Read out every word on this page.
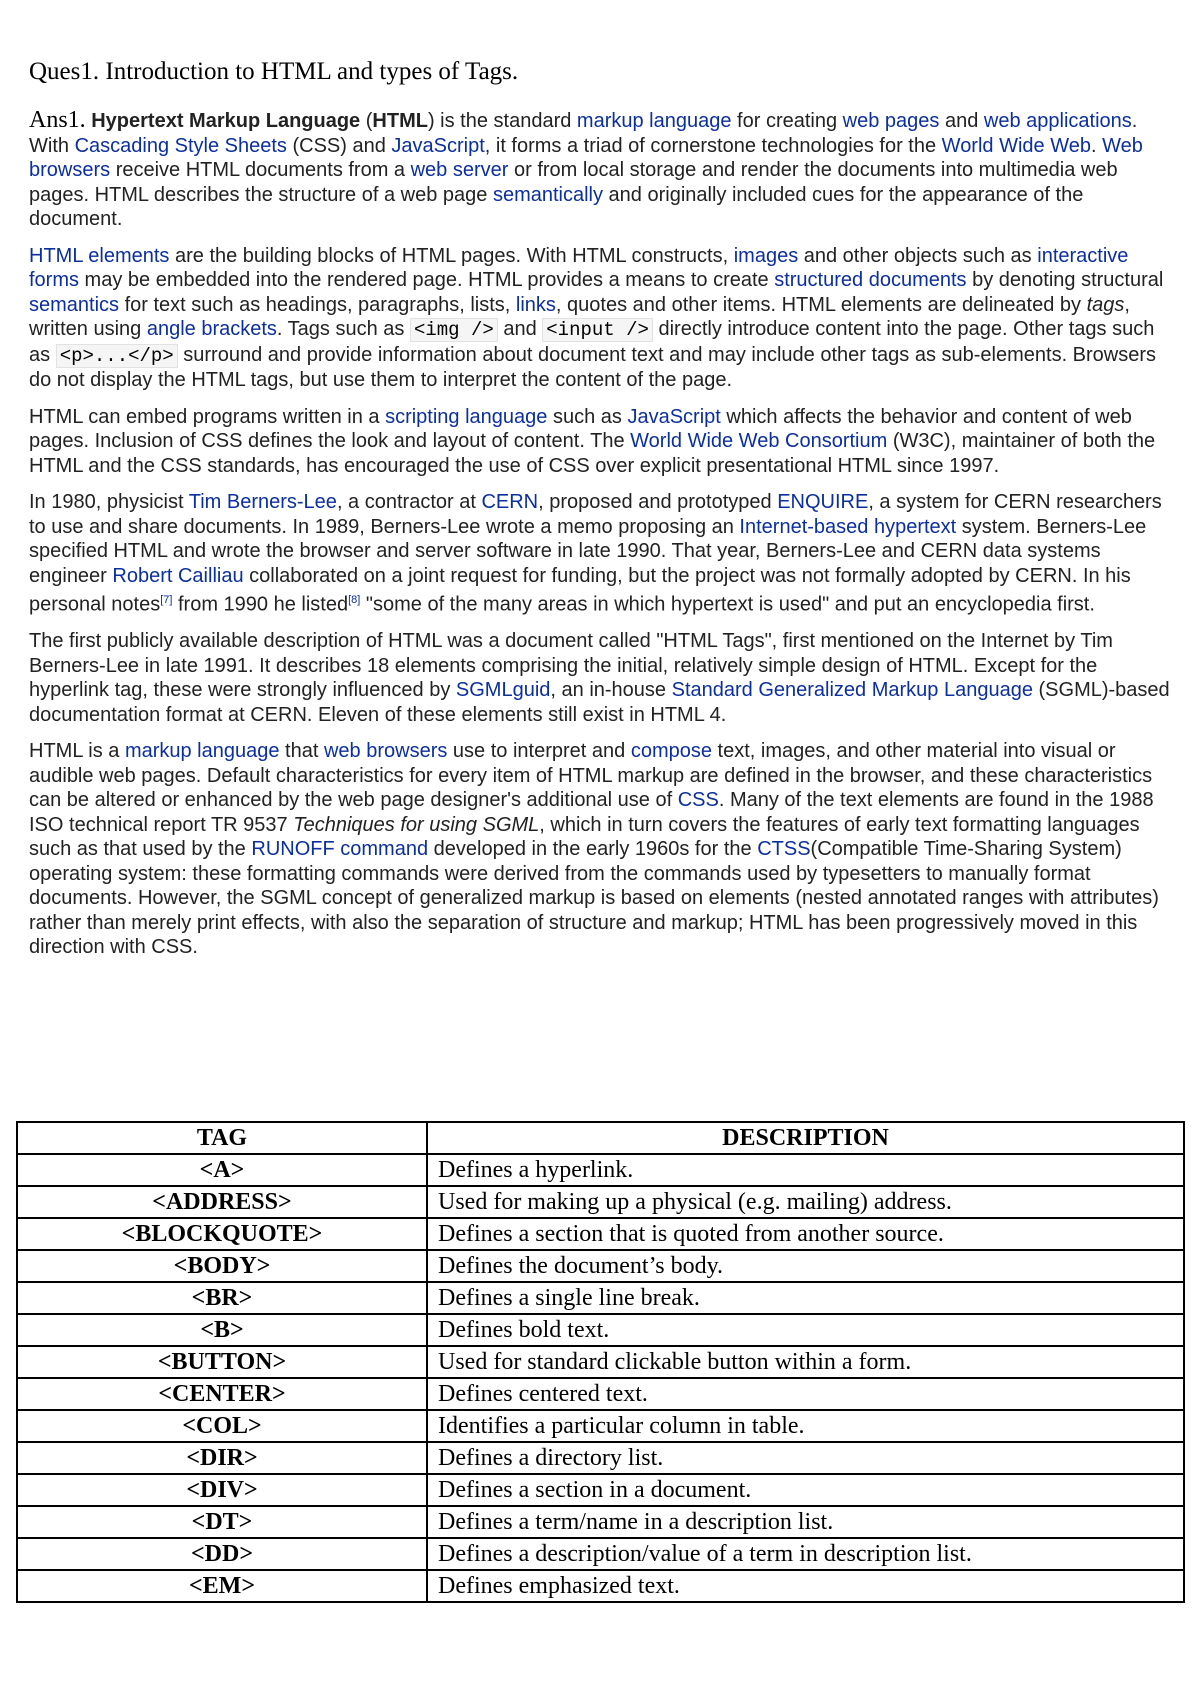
Ques1. Introduction to HTML and types of Tags.

Ans1. Hypertext Markup Language (HTML) is the standard markup language for creating web pages and web applications. With Cascading Style Sheets (CSS) and JavaScript, it forms a triad of cornerstone technologies for the World Wide Web. Web browsers receive HTML documents from a web server or from local storage and render the documents into multimedia web pages. HTML describes the structure of a web page semantically and originally included cues for the appearance of the document.

HTML elements are the building blocks of HTML pages. With HTML constructs, images and other objects such as interactive forms may be embedded into the rendered page. HTML provides a means to create structured documents by denoting structural semantics for text such as headings, paragraphs, lists, links, quotes and other items. HTML elements are delineated by tags, written using angle brackets. Tags such as <img /> and <input /> directly introduce content into the page. Other tags such as <p>...</p> surround and provide information about document text and may include other tags as sub-elements. Browsers do not display the HTML tags, but use them to interpret the content of the page.

HTML can embed programs written in a scripting language such as JavaScript which affects the behavior and content of web pages. Inclusion of CSS defines the look and layout of content. The World Wide Web Consortium (W3C), maintainer of both the HTML and the CSS standards, has encouraged the use of CSS over explicit presentational HTML since 1997.

In 1980, physicist Tim Berners-Lee, a contractor at CERN, proposed and prototyped ENQUIRE, a system for CERN researchers to use and share documents. In 1989, Berners-Lee wrote a memo proposing an Internet-based hypertext system. Berners-Lee specified HTML and wrote the browser and server software in late 1990. That year, Berners-Lee and CERN data systems engineer Robert Cailliau collaborated on a joint request for funding, but the project was not formally adopted by CERN. In his personal notes[7] from 1990 he listed[8] "some of the many areas in which hypertext is used" and put an encyclopedia first.

The first publicly available description of HTML was a document called "HTML Tags", first mentioned on the Internet by Tim Berners-Lee in late 1991. It describes 18 elements comprising the initial, relatively simple design of HTML. Except for the hyperlink tag, these were strongly influenced by SGMLguid, an in-house Standard Generalized Markup Language (SGML)-based documentation format at CERN. Eleven of these elements still exist in HTML 4.

HTML is a markup language that web browsers use to interpret and compose text, images, and other material into visual or audible web pages. Default characteristics for every item of HTML markup are defined in the browser, and these characteristics can be altered or enhanced by the web page designer's additional use of CSS. Many of the text elements are found in the 1988 ISO technical report TR 9537 Techniques for using SGML, which in turn covers the features of early text formatting languages such as that used by the RUNOFF command developed in the early 1960s for the CTSS(Compatible Time-Sharing System) operating system: these formatting commands were derived from the commands used by typesetters to manually format documents. However, the SGML concept of generalized markup is based on elements (nested annotated ranges with attributes) rather than merely print effects, with also the separation of structure and markup; HTML has been progressively moved in this direction with CSS.

TAG	DESCRIPTION
<A>	Defines a hyperlink.
<ADDRESS>	Used for making up a physical (e.g. mailing) address.
<BLOCKQUOTE>	Defines a section that is quoted from another source.
<BODY>	Defines the document’s body.
<BR>	Defines a single line break.
<B>	Defines bold text.
<BUTTON>	Used for standard clickable button within a form.
<CENTER>	Defines centered text.
<COL>	Identifies a particular column in table.
<DIR>	Defines a directory list.
<DIV>	Defines a section in a document.
<DT>	Defines a term/name in a description list.
<DD>	Defines a description/value of a term in description list.
<EM>	Defines emphasized text.
